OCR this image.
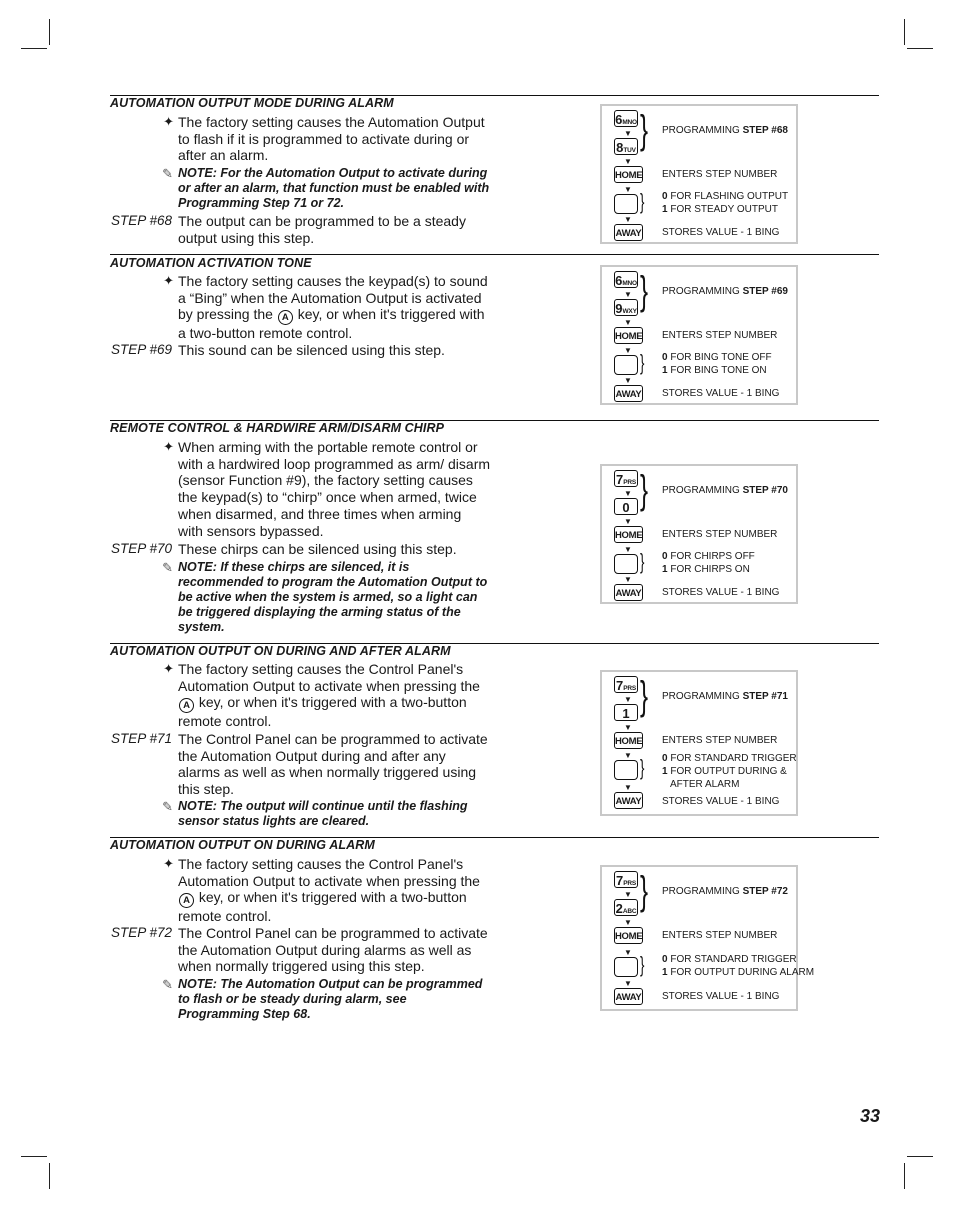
AUTOMATION OUTPUT MODE DURING ALARM
✦ The factory setting causes the Automation Output to flash if it is programmed to activate during or after an alarm.
✎ NOTE: For the Automation Output to activate during or after an alarm, that function must be enabled with Programming Step 71 or 72.
STEP #68 The output can be programmed to be a steady output using this step.
6MNO
▼
8TUV
▼
} PROGRAMMING STEP #68
HOME ENTERS STEP NUMBER
▼ } 0 FOR FLASHING OUTPUT
1 FOR STEADY OUTPUT
▼
AWAY STORES VALUE - 1 BING
AUTOMATION ACTIVATION TONE
✦ The factory setting causes the keypad(s) to sound a “Bing” when the Automation Output is activated by pressing the A key, or when it's triggered with a two-button remote control.
STEP #69 This sound can be silenced using this step.
6MNO
▼
9WXY
▼
} PROGRAMMING STEP #69
HOME ENTERS STEP NUMBER
▼ } 0 FOR BING TONE OFF
1 FOR BING TONE ON
▼
AWAY STORES VALUE - 1 BING
REMOTE CONTROL & HARDWIRE ARM/DISARM CHIRP
✦ When arming with the portable remote control or with a hardwired loop programmed as arm/ disarm (sensor Function #9), the factory setting causes the keypad(s) to “chirp” once when armed, twice when disarmed, and three times when arming with sensors bypassed.
STEP #70 These chirps can be silenced using this step.
✎ NOTE: If these chirps are silenced, it is recommended to program the Automation Output to be active when the system is armed, so a light can be triggered displaying the arming status of the system.
7PRS
▼
0
▼
} PROGRAMMING STEP #70
HOME ENTERS STEP NUMBER
▼ } 0 FOR CHIRPS OFF
1 FOR CHIRPS ON
▼
AWAY STORES VALUE - 1 BING
AUTOMATION OUTPUT ON DURING AND AFTER ALARM
✦ The factory setting causes the Control Panel's Automation Output to activate when pressing the A key, or when it's triggered with a two-button remote control.
STEP #71 The Control Panel can be programmed to activate the Automation Output during and after any alarms as well as when normally triggered using this step.
✎ NOTE: The output will continue until the flashing sensor status lights are cleared.
7PRS
▼
1
▼
} PROGRAMMING STEP #71
HOME ENTERS STEP NUMBER
▼ } 0 FOR STANDARD TRIGGER
1 FOR OUTPUT DURING &
AFTER ALARM
▼
AWAY STORES VALUE - 1 BING
AUTOMATION OUTPUT ON DURING ALARM
✦ The factory setting causes the Control Panel's Automation Output to activate when pressing the A key, or when it's triggered with a two-button remote control.
STEP #72 The Control Panel can be programmed to activate the Automation Output during alarms as well as when normally triggered using this step.
✎ NOTE: The Automation Output can be programmed to flash or be steady during alarm, see Programming Step 68.
7PRS
▼
2ABC
▼
} PROGRAMMING STEP #72
HOME ENTERS STEP NUMBER
▼ } 0 FOR STANDARD TRIGGER
1 FOR OUTPUT DURING ALARM
▼
AWAY STORES VALUE - 1 BING
33
